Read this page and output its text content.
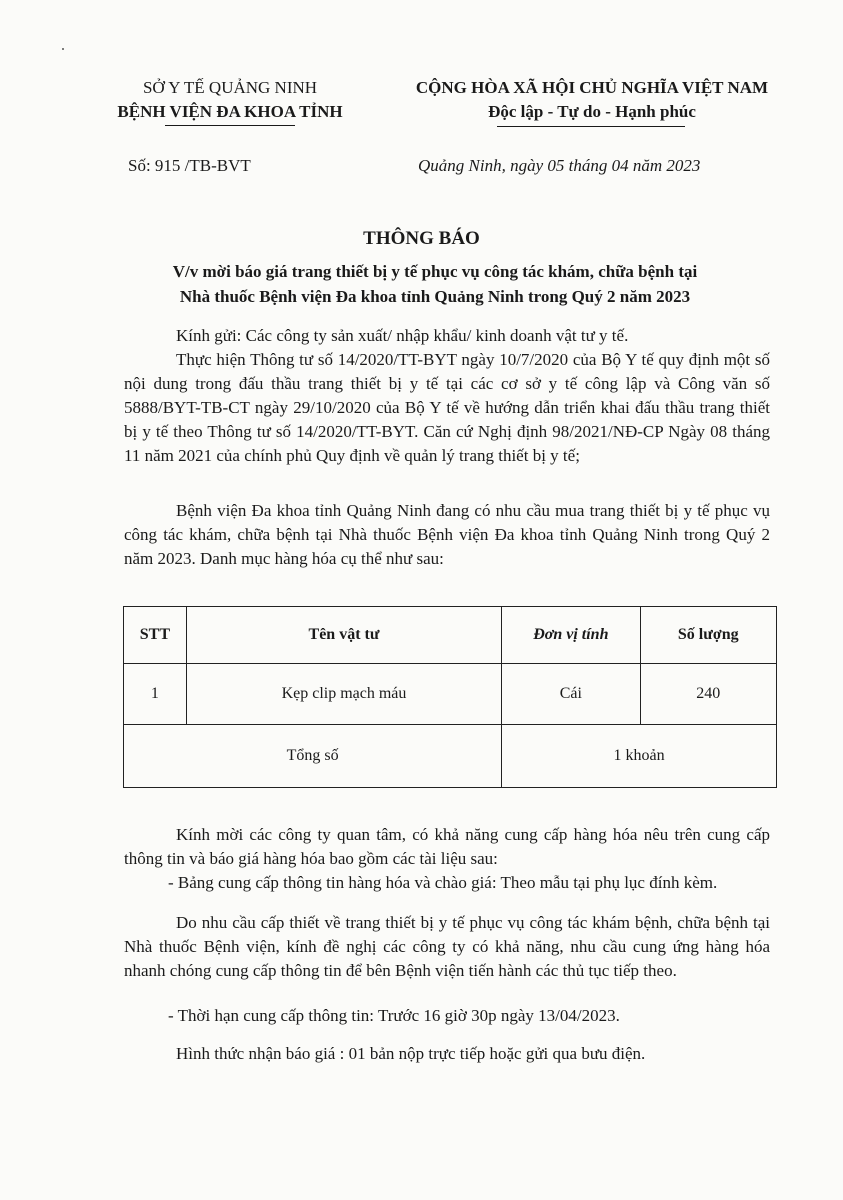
SỞ Y TẾ QUẢNG NINH
BỆNH VIỆN ĐA KHOA TỈNH
CỘNG HÒA XÃ HỘI CHỦ NGHĨA VIỆT NAM
Độc lập - Tự do - Hạnh phúc
Số: 915 /TB-BVT	Quảng Ninh, ngày 05 tháng 04 năm 2023
THÔNG BÁO
V/v mời báo giá trang thiết bị y tế phục vụ công tác khám, chữa bệnh tại
Nhà thuốc Bệnh viện Đa khoa tỉnh Quảng Ninh trong Quý 2 năm 2023
Kính gửi: Các công ty sản xuất/ nhập khẩu/ kinh doanh vật tư y tế.
Thực hiện Thông tư số 14/2020/TT-BYT ngày 10/7/2020 của Bộ Y tế quy định một số nội dung trong đấu thầu trang thiết bị y tế tại các cơ sở y tế công lập và Công văn số 5888/BYT-TB-CT ngày 29/10/2020 của Bộ Y tế về hướng dẫn triển khai đấu thầu trang thiết bị y tế theo Thông tư số 14/2020/TT-BYT. Căn cứ Nghị định 98/2021/NĐ-CP Ngày 08 tháng 11 năm 2021 của chính phủ Quy định về quản lý trang thiết bị y tế;
Bệnh viện Đa khoa tỉnh Quảng Ninh đang có nhu cầu mua trang thiết bị y tế phục vụ công tác khám, chữa bệnh tại Nhà thuốc Bệnh viện Đa khoa tỉnh Quảng Ninh trong Quý 2 năm 2023. Danh mục hàng hóa cụ thể như sau:
STT	Tên vật tư	Đơn vị tính	Số lượng
1	Kẹp clip mạch máu	Cái	240
Tổng số		1 khoản	
Kính mời các công ty quan tâm, có khả năng cung cấp hàng hóa nêu trên cung cấp thông tin và báo giá hàng hóa bao gồm các tài liệu sau:
- Bảng cung cấp thông tin hàng hóa và chào giá: Theo mẫu tại phụ lục đính kèm.
Do nhu cầu cấp thiết về trang thiết bị y tế phục vụ công tác khám bệnh, chữa bệnh tại Nhà thuốc Bệnh viện, kính đề nghị các công ty có khả năng, nhu cầu cung ứng hàng hóa nhanh chóng cung cấp thông tin để bên Bệnh viện tiến hành các thủ tục tiếp theo.
- Thời hạn cung cấp thông tin: Trước 16 giờ 30p ngày 13/04/2023.
Hình thức nhận báo giá : 01 bản nộp trực tiếp hoặc gửi qua bưu điện.
